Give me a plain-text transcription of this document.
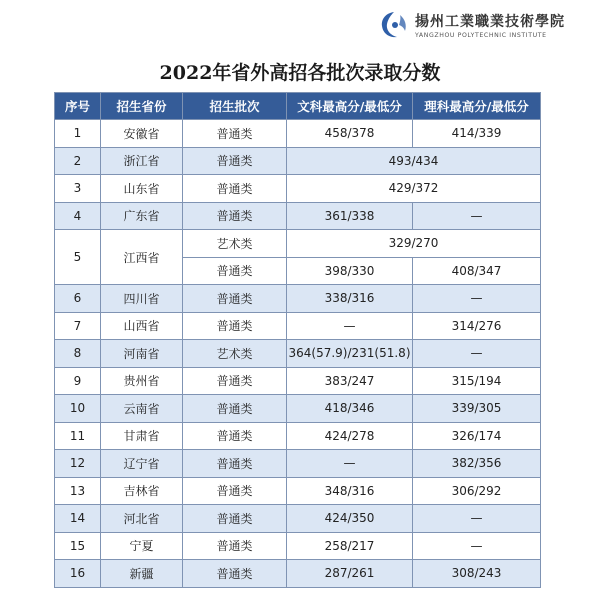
揚州工業職業技術學院
YANGZHOU POLYTECHNIC INSTITUTE
2022年省外高招各批次录取分数
序号	招生省份	招生批次	文科最高分/最低分	理科最高分/最低分
1	安徽省	普通类	458/378	414/339
2	浙江省	普通类	493/434	
3	山东省	普通类	429/372	
4	广东省	普通类	361/338	—
5	江西省	艺术类	329/270	
		普通类	398/330	408/347
6	四川省	普通类	338/316	—
7	山西省	普通类	—	314/276
8	河南省	艺术类	364(57.9)/231(51.8)	—
9	贵州省	普通类	383/247	315/194
10	云南省	普通类	418/346	339/305
11	甘肃省	普通类	424/278	326/174
12	辽宁省	普通类	—	382/356
13	吉林省	普通类	348/316	306/292
14	河北省	普通类	424/350	—
15	宁夏	普通类	258/217	—
16	新疆	普通类	287/261	308/243
